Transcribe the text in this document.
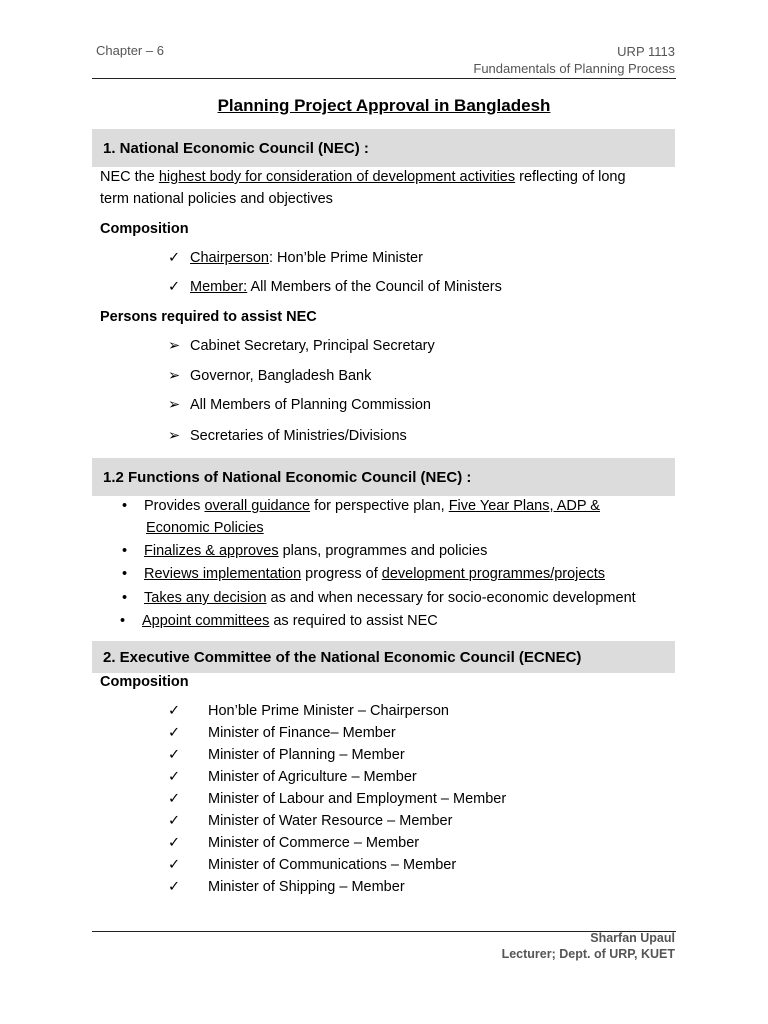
Chapter – 6	URP 1113
Fundamentals of Planning Process
Planning Project Approval in Bangladesh
1. National Economic Council (NEC) :
NEC the highest body for consideration of development activities reflecting of long
term national policies and objectives
Composition
✓ Chairperson: Hon’ble Prime Minister
✓ Member: All Members of the Council of Ministers
Persons required to assist NEC
➢ Cabinet Secretary, Principal Secretary
➢ Governor, Bangladesh Bank
➢ All Members of Planning Commission
➢ Secretaries of Ministries/Divisions
1.2 Functions of National Economic Council (NEC) :
• Provides overall guidance for perspective plan, Five Year Plans, ADP &
Economic Policies
• Finalizes & approves plans, programmes and policies
• Reviews implementation progress of development programmes/projects
• Takes any decision as and when necessary for socio-economic development
• Appoint committees as required to assist NEC
2. Executive Committee of the National Economic Council (ECNEC)
Composition
✓ Hon’ble Prime Minister – Chairperson
✓ Minister of Finance– Member
✓ Minister of Planning – Member
✓ Minister of Agriculture – Member
✓ Minister of Labour and Employment – Member
✓ Minister of Water Resource – Member
✓ Minister of Commerce – Member
✓ Minister of Communications – Member
✓ Minister of Shipping – Member
Sharfan Upaul
Lecturer; Dept. of URP, KUET
